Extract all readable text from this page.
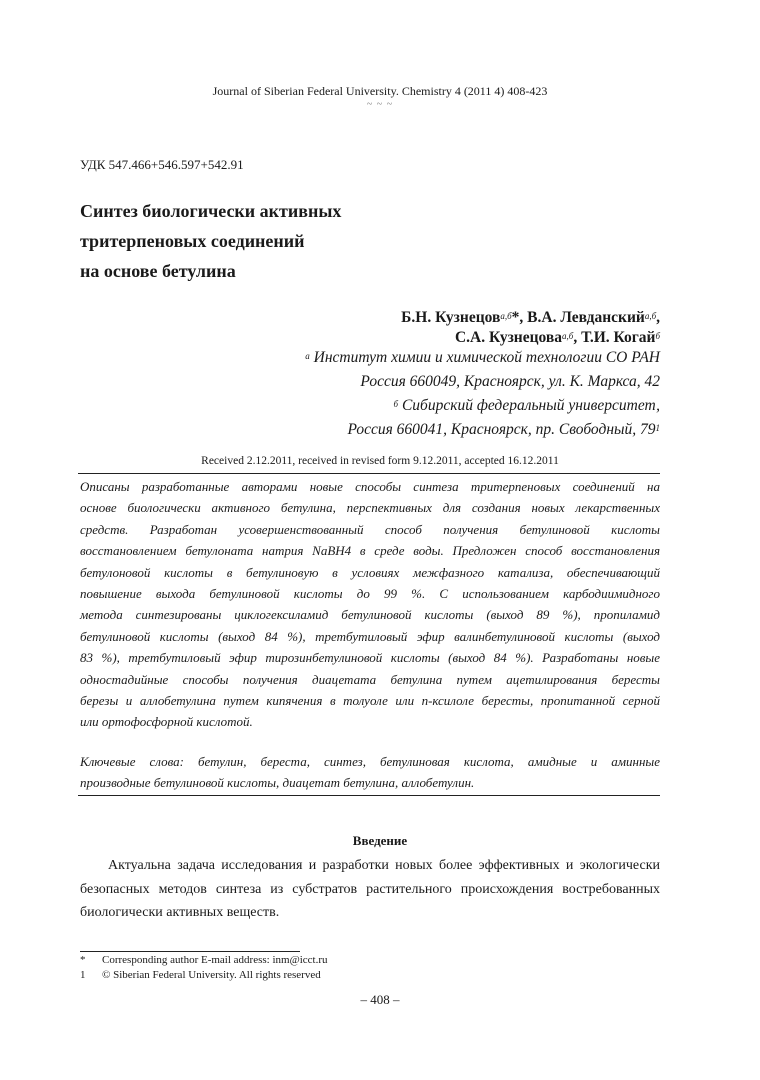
Journal of Siberian Federal University. Chemistry 4 (2011 4) 408-423
~ ~ ~
УДК 547.466+546.597+542.91
Синтез биологически активных
тритерпеновых соединений
на основе бетулина
Б.Н. Кузнецов$^{а,б}$*, В.А. Левданский$^{а,б}$,
С.А. Кузнецова$^{а,б}$, Т.И. Когай$^б$
$^а$ Институт химии и химической технологии СО РАН
Россия 660049, Красноярск, ул. К. Маркса, 42
$^б$ Сибирский федеральный университет,
Россия 660041, Красноярск, пр. Свободный, $79^1$
Received 2.12.2011, received in revised form 9.12.2011, accepted 16.12.2011
Описаны разработанные авторами новые способы синтеза тритерпеновых соединений на
основе биологически активного бетулина, перспективных для создания новых лекарственных
средств. Разработан усовершенствованный способ получения бетулиновой кислоты
восстановлением бетулоната натрия NaBH4 в среде воды. Предложен способ восстановления
бетулоновой кислоты в бетулиновую в условиях межфазного катализа, обеспечивающий
повышение выхода бетулиновой кислоты до 99 %. С использованием карбодиимидного
метода синтезированы циклогексиламид бетулиновой кислоты (выход 89 %), пропиламид
бетулиновой кислоты (выход 84 %), третбутиловый эфир валинбетулиновой кислоты (выход
83 %), третбутиловый эфир тирозинбетулиновой кислоты (выход 84 %). Разработаны новые
одностадийные способы получения диацетата бетулина путем ацетилирования бересты
березы и аллобетулина путем кипячения в толуоле или п-ксилоле бересты, пропитанной серной
или ортофосфорной кислотой.
Ключевые слова: бетулин, береста, синтез, бетулиновая кислота, амидные и аминные
производные бетулиновой кислоты, диацетат бетулина, аллобетулин.
Введение
Актуальна задача исследования и разработки новых более эффективных и экологически
безопасных методов синтеза из субстратов растительного происхождения востребованных
биологически активных веществ.
* Corresponding author E-mail address: inm@icct.ru
1 © Siberian Federal University. All rights reserved
– 408 –
